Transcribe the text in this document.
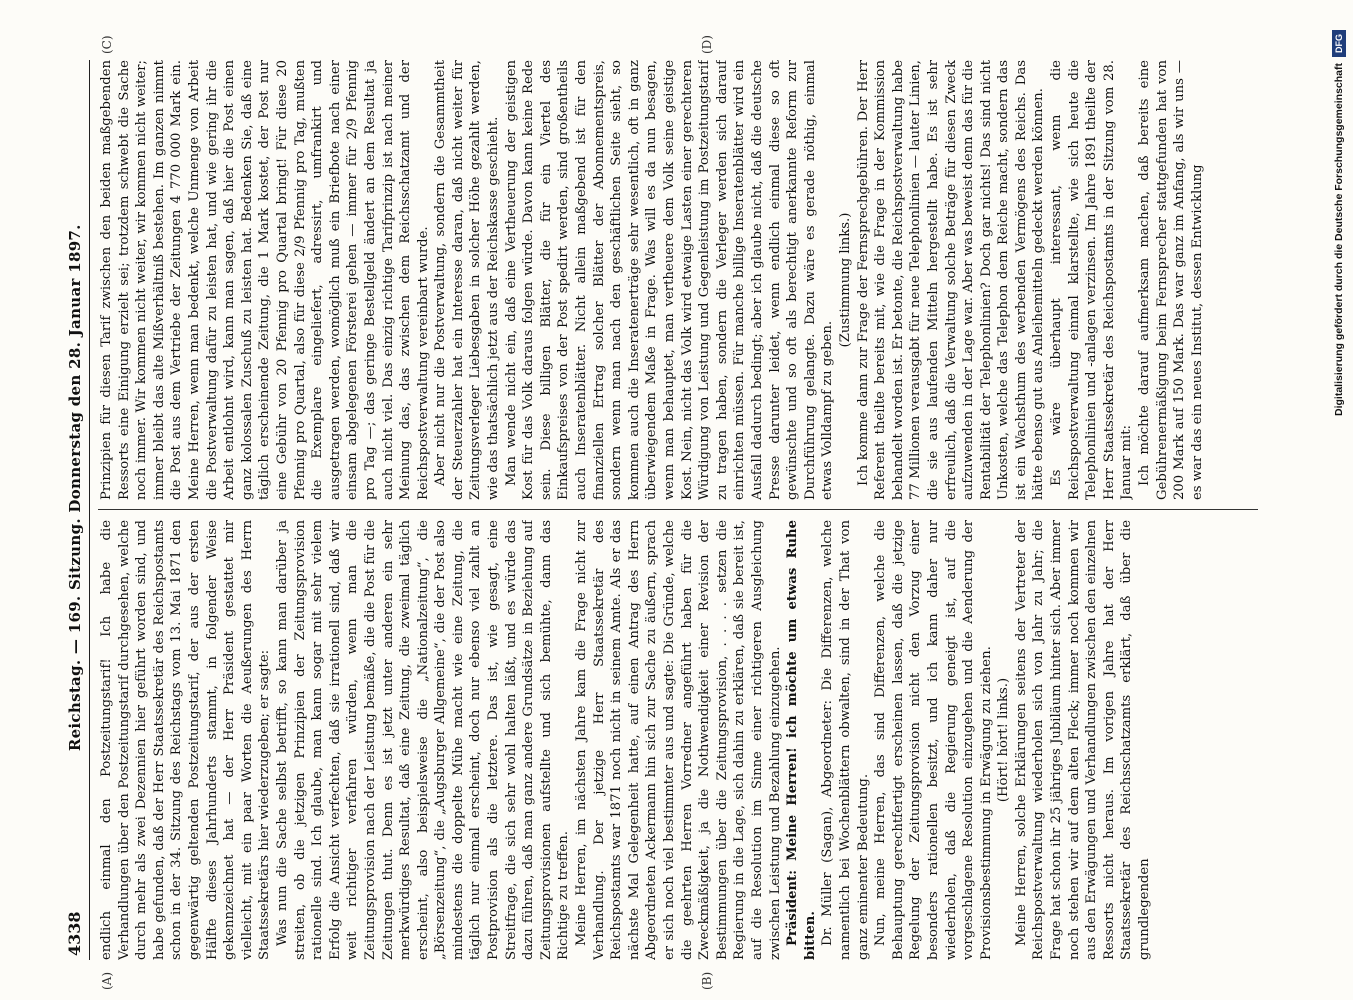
4338
Reichstag. — 169. Sitzung. Donnerstag den 28. Januar 1897.
(A)	(B)
(C)	(D)

endlich einmal den Postzeitungstarif! Ich habe die Verhandlungen über den Postzeitungstarif durchgesehen, welche durch mehr als zwei Dezennien hier geführt worden sind, und habe gefunden, daß der Herr Staatssekretär des Reichspostamts schon in der 34. Sitzung des Reichstags vom 13. Mai 1871 den gegenwärtig geltenden Postzeitungstarif, der aus der ersten Hälfte dieses Jahrhunderts stammt, in folgender Weise gekennzeichnet hat — der Herr Präsident gestattet mir vielleicht, mit ein paar Worten die Aeußerungen des Herrn Staatssekretärs hier wiederzugeben; er sagte: Was nun die Sache selbst betrifft, so kann man darüber ja streiten, ob die jetzigen Prinzipien der Zeitungsprovision rationelle sind. Ich glaube, man kann sogar mit sehr vielem Erfolg die Ansicht verfechten, daß sie irrationell sind, daß wir weit richtiger verfahren würden, wenn man die Zeitungsprovision nach der Leistung bemäße, die die Post für die Zeitungen thut. Denn es ist jetzt unter anderen ein sehr merkwürdiges Resultat, daß eine Zeitung, die zweimal täglich erscheint, also beispielsweise die „Nationalzeitung“, die „Börsenzeitung“, die „Augsburger Allgemeine“, die der Post also mindestens die doppelte Mühe macht wie eine Zeitung, die täglich nur einmal erscheint, doch nur ebenso viel zahlt an Postprovision als die letztere. Das ist, wie gesagt, eine Streitfrage, die sich sehr wohl halten läßt, und es würde das dazu führen, daß man ganz andere Grundsätze in Beziehung auf Zeitungsprovisionen aufstellte und sich bemühte, dann das Richtige zu treffen. Meine Herren, im nächsten Jahre kam die Frage nicht zur Verhandlung. Der jetzige Herr Staatssekretär des Reichspostamts war 1871 noch nicht in seinem Amte. Als er das nächste Mal Gelegenheit hatte, auf einen Antrag des Herrn Abgeordneten Ackermann hin sich zur Sache zu äußern, sprach er sich noch viel bestimmter aus und sagte: Die Gründe, welche die geehrten Herren Vorredner angeführt haben für die Zweckmäßigkeit, ja die Nothwendigkeit einer Revision der Bestimmungen über die Zeitungsprovision, . . . . setzen die Regierung in die Lage, sich dahin zu erklären, daß sie bereit ist, auf die Resolution im Sinne einer richtigeren Ausgleichung zwischen Leistung und Bezahlung einzugehen. Präsident: Meine Herren! ich möchte um etwas Ruhe bitten. Dr. Müller (Sagan), Abgeordneter: Die Differenzen, welche namentlich bei Wochenblättern obwalten, sind in der That von ganz eminenter Bedeutung. Nun, meine Herren, das sind Differenzen, welche die Behauptung gerechtfertigt erscheinen lassen, daß die jetzige Regelung der Zeitungsprovision nicht den Vorzug einer besonders rationellen besitzt, und ich kann daher nur wiederholen, daß die Regierung geneigt ist, auf die vorgeschlagene Resolution einzugehen und die Aenderung der Provisionsbestimmung in Erwägung zu ziehen. (Hört! hört! links.) Meine Herren, solche Erklärungen seitens der Vertreter der Reichspostverwaltung wiederholen sich von Jahr zu Jahr; die Frage hat schon ihr 25 jähriges Jubiläum hinter sich. Aber immer noch stehen wir auf dem alten Fleck; immer noch kommen wir aus den Erwägungen und Verhandlungen zwischen den einzelnen Ressorts nicht heraus. Im vorigen Jahre hat der Herr Staatssekretär des Reichsschatzamts erklärt, daß über die grundlegenden

Prinzipien für diesen Tarif zwischen den beiden maßgebenden Ressorts eine Einigung erzielt sei; trotzdem schwebt die Sache noch immer. Wir kommen nicht weiter, wir kommen nicht weiter; immer bleibt das alte Mißverhältniß bestehen. Im ganzen nimmt die Post aus dem Vertriebe der Zeitungen 4 770 000 Mark ein. Meine Herren, wenn man bedenkt, welche Unmenge von Arbeit die Postverwaltung dafür zu leisten hat, und wie gering ihr die Arbeit entlohnt wird, kann man sagen, daß hier die Post einen ganz kolossalen Zuschuß zu leisten hat. Bedenken Sie, daß eine täglich erscheinende Zeitung, die 1 Mark kostet, der Post nur eine Gebühr von 20 Pfennig pro Quartal bringt! Für diese 20 Pfennig pro Quartal, also für diese 2/9 Pfennig pro Tag, mußten die Exemplare eingeliefert, adressirt, umfrankirt und ausgetragen werden, womöglich muß ein Briefbote nach einer einsam abgelegenen Försterei gehen — immer für 2/9 Pfennig pro Tag —; das geringe Bestellgeld ändert an dem Resultat ja auch nicht viel. Das einzig richtige Tarifprinzip ist nach meiner Meinung das, das zwischen dem Reichsschatzamt und der Reichspostverwaltung vereinbart wurde. Aber nicht nur die Postverwaltung, sondern die Gesammtheit der Steuerzahler hat ein Interesse daran, daß nicht weiter für Zeitungsverleger Liebesgaben in solcher Höhe gezahlt werden, wie das thatsächlich jetzt aus der Reichskasse geschieht. Man wende nicht ein, daß eine Vertheuerung der geistigen Kost für das Volk daraus folgen würde. Davon kann keine Rede sein. Diese billigen Blätter, die für ein Viertel des Einkaufspreises von der Post spedirt werden, sind großentheils auch Inseratenblätter. Nicht allein maßgebend ist für den finanziellen Ertrag solcher Blätter der Abonnementspreis, sondern wenn man nach den geschäftlichen Seite sieht, so kommen auch die Inseratenerträge sehr wesentlich, oft in ganz überwiegendem Maße in Frage. Was will es da nun besagen, wenn man behauptet, man vertheuere dem Volk seine geistige Kost. Nein, nicht das Volk wird etwaige Lasten einer gerechteren Würdigung von Leistung und Gegenleistung im Postzeitungstarif zu tragen haben, sondern die Verleger werden sich darauf einrichten müssen. Für manche billige Inseratenblätter wird ein Ausfall dadurch bedingt; aber ich glaube nicht, daß die deutsche Presse darunter leidet, wenn endlich einmal diese so oft gewünschte und so oft als berechtigt anerkannte Reform zur Durchführung gelangte. Dazu wäre es gerade nöthig, einmal etwas Volldampf zu geben.

(Zustimmung links.) Ich komme dann zur Frage der Fernsprechgebühren. Der Herr Referent theilte bereits mit, wie die Frage in der Kommission behandelt worden ist. Er betonte, die Reichspostverwaltung habe 77 Millionen verausgabt für neue Telephonlinien — lauter Linien, die sie aus laufenden Mitteln hergestellt habe. Es ist sehr erfreulich, daß die Verwaltung solche Beträge für diesen Zweck aufzuwenden in der Lage war. Aber was beweist denn das für die Rentabilität der Telephonlinien? Doch gar nichts! Das sind nicht Unkosten, welche das Telephon dem Reiche macht, sondern das ist ein Wachsthum des werbenden Vermögens des Reichs. Das hätte ebenso gut aus Anleihemitteln gedeckt werden können. Es wäre überhaupt interessant, wenn die Reichspostverwaltung einmal klarstellte, wie sich heute die Telephonlinien und -anlagen verzinsen. Im Jahre 1891 theilte der Herr Staatssekretär des Reichspostamts in der Sitzung vom 28. Januar mit: Ich möchte darauf aufmerksam machen, daß bereits eine Gebührenermäßigung beim Fernsprecher stattgefunden hat von 200 Mark auf 150 Mark. Das war ganz im Anfang, als wir uns — es war das ein neues Institut, dessen Entwicklung	Digitalisierung gefördert durch die Deutsche Forschungsgemeinschaft
DFG
